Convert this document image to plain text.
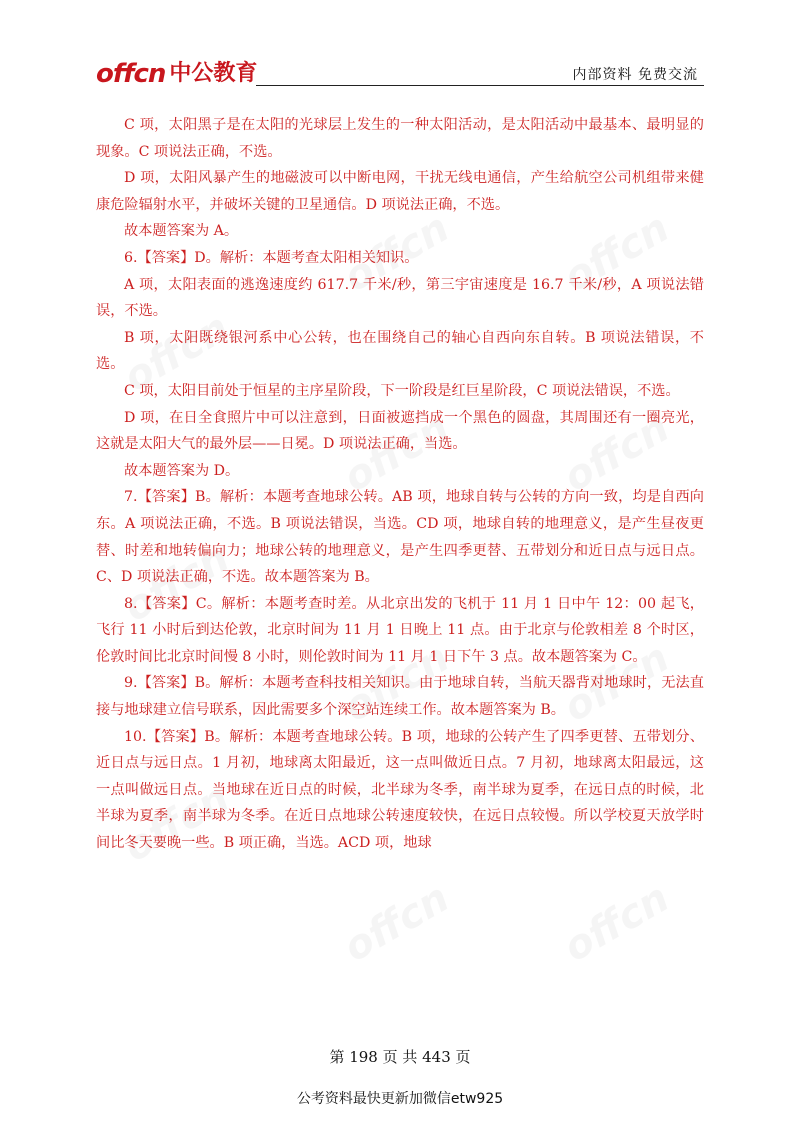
offcn 中公教育	内部资料 免费交流

C 项，太阳黑子是在太阳的光球层上发生的一种太阳活动，是太阳活动中最基本、最明显的现象。C 项说法正确，不选。

D 项，太阳风暴产生的地磁波可以中断电网，干扰无线电通信，产生给航空公司机组带来健康危险辐射水平，并破坏关键的卫星通信。D 项说法正确，不选。

故本题答案为 A。

6.【答案】D。解析：本题考查太阳相关知识。

A 项，太阳表面的逃逸速度约 617.7 千米/秒，第三宇宙速度是 16.7 千米/秒，A 项说法错误，不选。

B 项，太阳既绕银河系中心公转，也在围绕自己的轴心自西向东自转。B 项说法错误，不选。

C 项，太阳目前处于恒星的主序星阶段，下一阶段是红巨星阶段，C 项说法错误，不选。

D 项，在日全食照片中可以注意到，日面被遮挡成一个黑色的圆盘，其周围还有一圈亮光，这就是太阳大气的最外层——日冕。D 项说法正确，当选。

故本题答案为 D。

7.【答案】B。解析：本题考查地球公转。AB 项，地球自转与公转的方向一致，均是自西向东。A 项说法正确，不选。B 项说法错误，当选。CD 项，地球自转的地理意义，是产生昼夜更替、时差和地转偏向力；地球公转的地理意义，是产生四季更替、五带划分和近日点与远日点。C、D 项说法正确，不选。故本题答案为 B。

8.【答案】C。解析：本题考查时差。从北京出发的飞机于 11 月 1 日中午 12：00 起飞，飞行 11 小时后到达伦敦，北京时间为 11 月 1 日晚上 11 点。由于北京与伦敦相差 8 个时区，伦敦时间比北京时间慢 8 小时，则伦敦时间为 11 月 1 日下午 3 点。故本题答案为 C。

9.【答案】B。解析：本题考查科技相关知识。由于地球自转，当航天器背对地球时，无法直接与地球建立信号联系，因此需要多个深空站连续工作。故本题答案为 B。

10.【答案】B。解析：本题考查地球公转。B 项，地球的公转产生了四季更替、五带划分、近日点与远日点。1 月初，地球离太阳最近，这一点叫做近日点。7 月初，地球离太阳最远，这一点叫做远日点。当地球在近日点的时候，北半球为冬季，南半球为夏季，在远日点的时候，北半球为夏季，南半球为冬季。在近日点地球公转速度较快，在远日点较慢。所以学校夏天放学时间比冬天要晚一些。B 项正确，当选。ACD 项，地球

第 198 页 共 443 页
公考资料最快更新加微信etw925
